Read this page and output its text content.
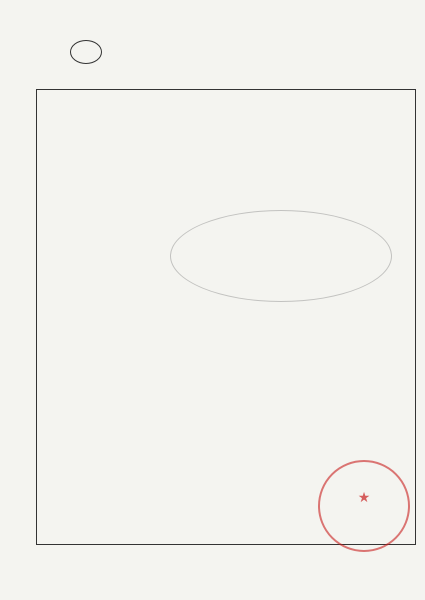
★
